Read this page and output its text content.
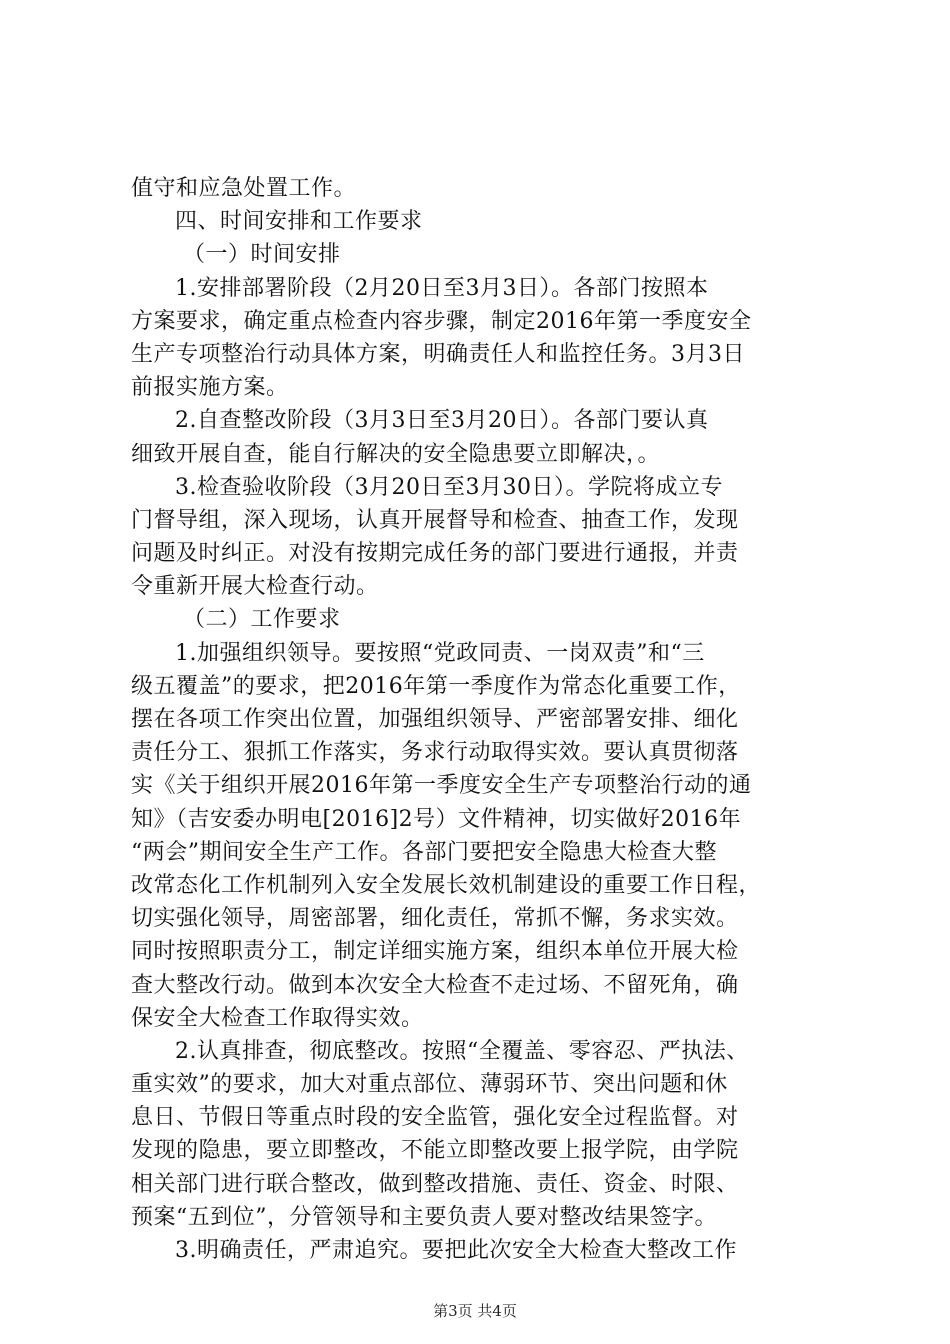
值守和应急处置工作。
四、时间安排和工作要求
（一）时间安排
1.安排部署阶段（2月20日至3月3日）。各部门按照本
方案要求，确定重点检查内容步骤，制定2016年第一季度安全
生产专项整治行动具体方案，明确责任人和监控任务。3月3日
前报实施方案。
2.自查整改阶段（3月3日至3月20日）。各部门要认真
细致开展自查，能自行解决的安全隐患要立即解决，。
3.检查验收阶段（3月20日至3月30日）。学院将成立专
门督导组，深入现场，认真开展督导和检查、抽查工作，发现
问题及时纠正。对没有按期完成任务的部门要进行通报，并责
令重新开展大检查行动。
（二）工作要求
1.加强组织领导。要按照“党政同责、一岗双责”和“三
级五覆盖”的要求，把2016年第一季度作为常态化重要工作，
摆在各项工作突出位置，加强组织领导、严密部署安排、细化
责任分工、狠抓工作落实，务求行动取得实效。要认真贯彻落
实《关于组织开展2016年第一季度安全生产专项整治行动的通
知》（吉安委办明电[2016]2号）文件精神，切实做好2016年
“两会”期间安全生产工作。各部门要把安全隐患大检查大整
改常态化工作机制列入安全发展长效机制建设的重要工作日程，
切实强化领导，周密部署，细化责任，常抓不懈，务求实效。
同时按照职责分工，制定详细实施方案，组织本单位开展大检
查大整改行动。做到本次安全大检查不走过场、不留死角，确
保安全大检查工作取得实效。
2.认真排查，彻底整改。按照“全覆盖、零容忍、严执法、
重实效”的要求，加大对重点部位、薄弱环节、突出问题和休
息日、节假日等重点时段的安全监管，强化安全过程监督。对
发现的隐患，要立即整改，不能立即整改要上报学院，由学院
相关部门进行联合整改，做到整改措施、责任、资金、时限、
预案“五到位”，分管领导和主要负责人要对整改结果签字。
3.明确责任，严肃追究。要把此次安全大检查大整改工作
第3页 共4页
